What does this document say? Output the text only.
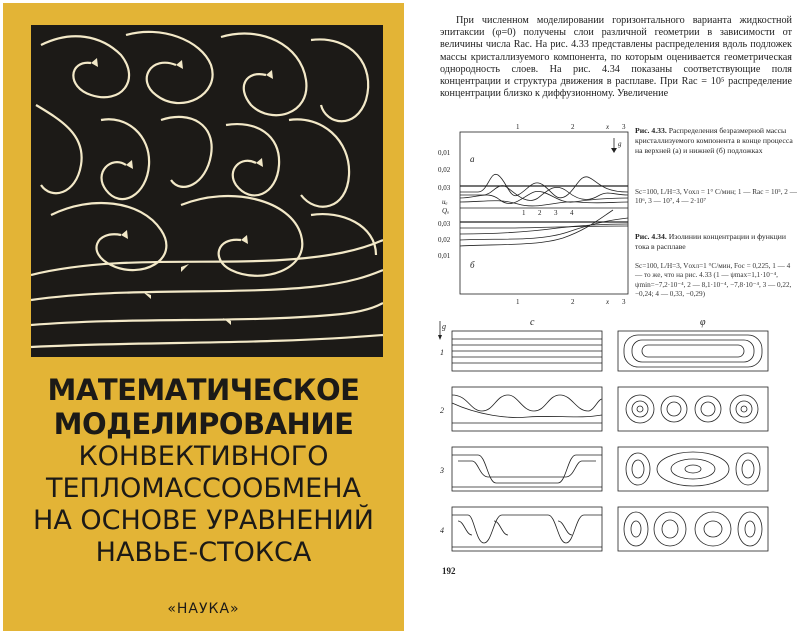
МАТЕМАТИЧЕСКОЕ
МОДЕЛИРОВАНИЕ
КОНВЕКТИВНОГО
ТЕПЛОМАССООБМЕНА
НА ОСНОВЕ УРАВНЕНИЙ
НАВЬЕ-СТОКСА
«НАУКА»

При численном моделировании горизонтального варианта жидкостной эпитаксии (φ=0) получены слои различной геометрии в зависимости от величины числа Raс. На рис. 4.33 представлены распределения вдоль подложек массы кристаллизуемого компонента, по которым оценивается геометрическая однородность слоев. На рис. 4.34 показаны соответствующие поля концентрации и структура движения в расплаве. При Raс = 10⁵ распределение концентрации близко к диффузионному. Увеличение

1	2	x 3
1	2	x 3
0,01
0,02
0,03
uₐ
Qₐ
0,03
0,02
0,01
а
б
1 2 3 4
g
Рис. 4.33. Распределения безразмерной массы кристаллизуемого компонента в конце процесса на верхней (а) и нижней (б) подложках
Sc=100, L/H=3, Vохл = 1° С/мин; 1 — Raс = 10⁵, 2 — 10⁶, 3 — 10⁷, 4 — 2·10⁷
Рис. 4.34. Изолинии концентрации и функции тока в расплаве
Sc=100, L/H=3, Vохл=1 °С/мин, Foс = 0,225, 1 — 4 — то же, что на рис. 4.33 (1 — ψmax=1,1·10⁻⁴, ψmin=−7,2·10⁻⁴, 2 — 8,1·10⁻⁴, −7,8·10⁻⁴, 3 — 0,22, −0,24; 4 — 0,33, −0,29)
c	φ
g
1
2
3
4
192
